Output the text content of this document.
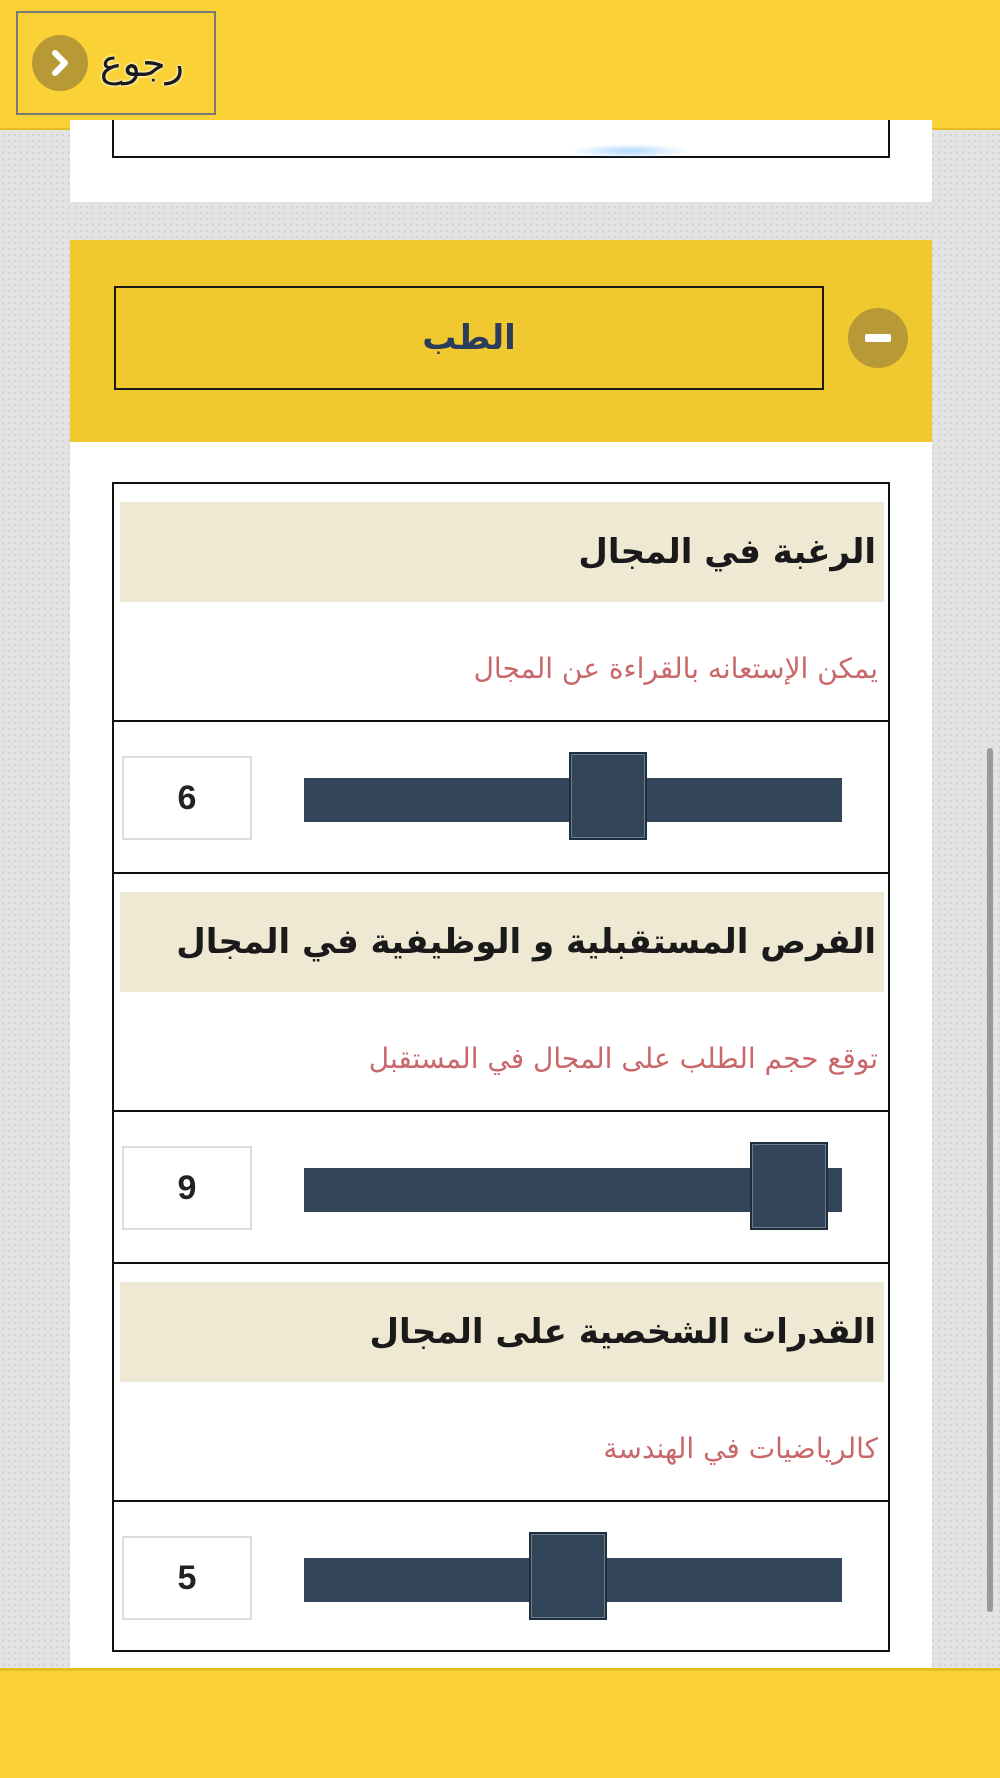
رجوع
الطب
الرغبة في المجال
يمكن الإستعانه بالقراءة عن المجال
6
الفرص المستقبلية و الوظيفية في المجال
توقع حجم الطلب على المجال في المستقبل
9
القدرات الشخصية على المجال
كالرياضيات في الهندسة
5
